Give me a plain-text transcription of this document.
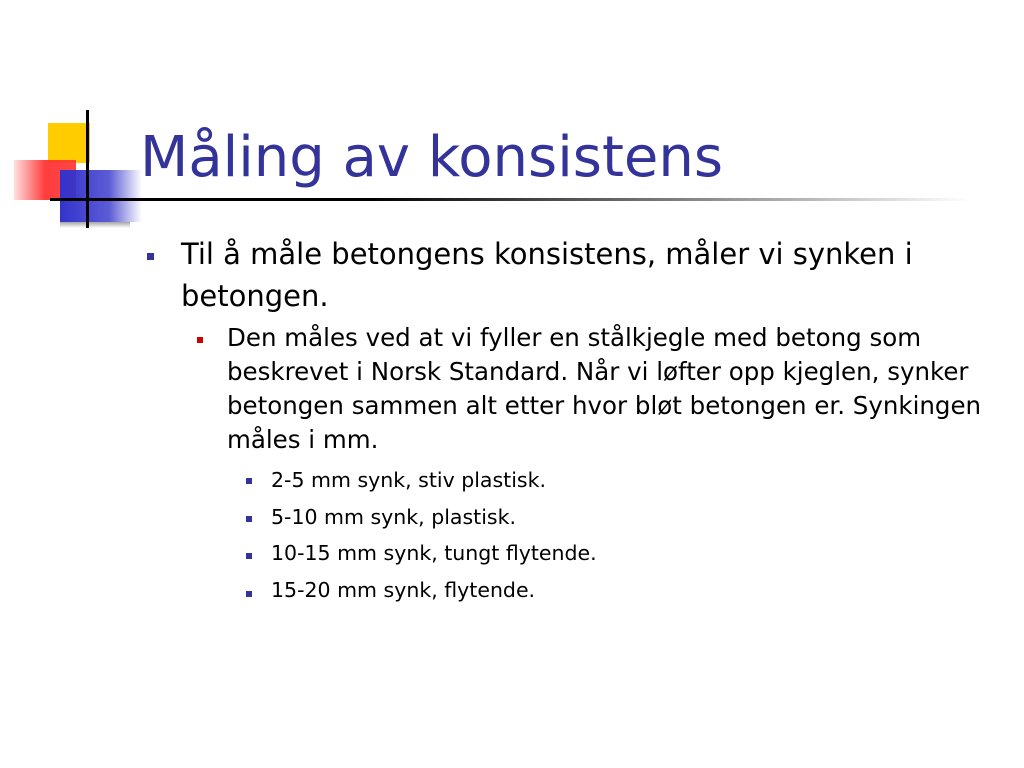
Måling av konsistens

Til å måle betongens konsistens, måler vi synken i betongen.

Den måles ved at vi fyller en stålkjegle med betong som beskrevet i Norsk Standard. Når vi løfter opp kjeglen, synker betongen sammen alt etter hvor bløt betongen er. Synkingen måles i mm.

2-5 mm synk, stiv plastisk.

5-10 mm synk, plastisk.

10-15 mm synk, tungt flytende.

15-20 mm synk, flytende.
